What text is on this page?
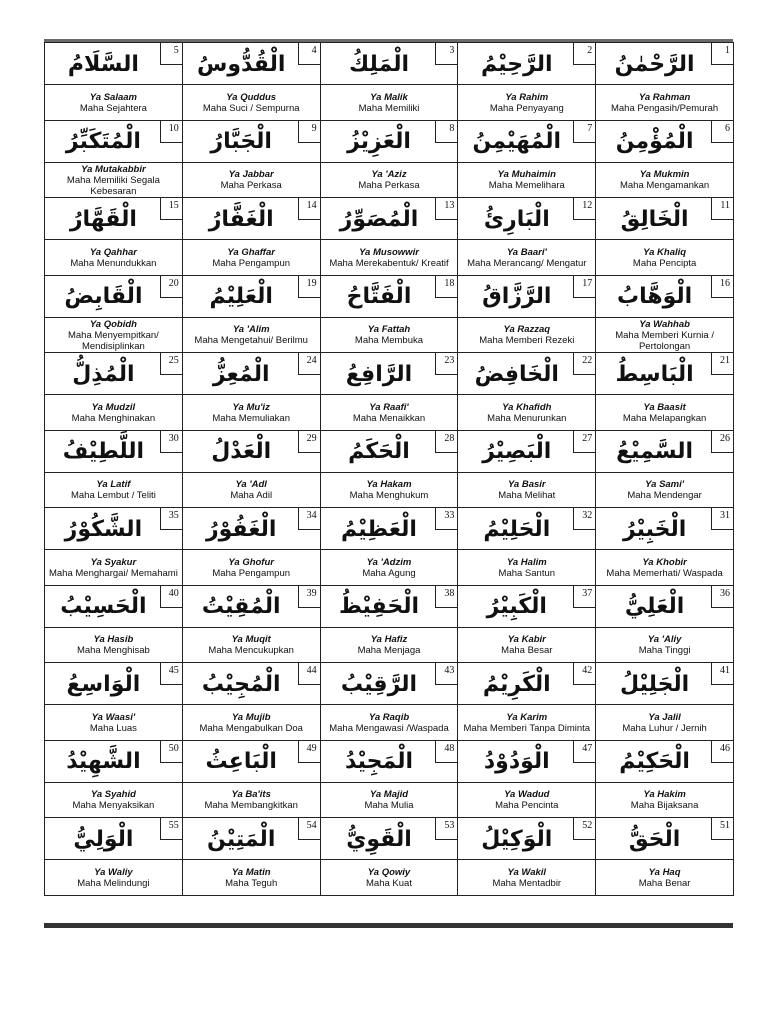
السَّلَامُ
5
Ya Salaam
Maha Sejahtera
الْقُدُّوسُ
4
Ya Quddus
Maha Suci / Sempurna
الْمَلِكُ
3
Ya Malik
Maha Memiliki
الرَّحِيْمُ
2
Ya Rahim
Maha Penyayang
الرَّحْمٰنُ
1
Ya Rahman
Maha Pengasih/Pemurah
الْمُتَكَبِّرُ
10
Ya Mutakabbir
Maha Memiliki Segala Kebesaran
الْجَبَّارُ
9
Ya Jabbar
Maha Perkasa
الْعَزِيْزُ
8
Ya 'Aziz
Maha Perkasa
الْمُهَيْمِنُ
7
Ya Muhaimin
Maha Memelihara
الْمُؤْمِنُ
6
Ya Mukmin
Maha Mengamankan
الْقَهَّارُ
15
Ya Qahhar
Maha Menundukkan
الْغَفَّارُ
14
Ya Ghaffar
Maha Pengampun
الْمُصَوِّرُ
13
Ya Musowwir
Maha Merekabentuk/ Kreatif
الْبَارِئُ
12
Ya Baari'
Maha Merancang/ Mengatur
الْخَالِقُ
11
Ya Khaliq
Maha Pencipta
الْقَابِضُ
20
Ya Qobidh
Maha Menyempitkan/ Mendisiplinkan
الْعَلِيْمُ
19
Ya 'Alim
Maha Mengetahui/ Berilmu
الْفَتَّاحُ
18
Ya Fattah
Maha Membuka
الرَّزَّاقُ
17
Ya Razzaq
Maha Memberi Rezeki
الْوَهَّابُ
16
Ya Wahhab
Maha Memberi Kurnia / Pertolongan
الْمُذِلُّ
25
Ya Mudzil
Maha Menghinakan
الْمُعِزُّ
24
Ya Mu'iz
Maha Memuliakan
الرَّافِعُ
23
Ya Raafi'
Maha Menaikkan
الْخَافِضُ
22
Ya Khafidh
Maha Menurunkan
الْبَاسِطُ
21
Ya Baasit
Maha Melapangkan
اللَّطِيْفُ
30
Ya Latif
Maha Lembut / Teliti
الْعَدْلُ
29
Ya 'Adl
Maha Adil
الْحَكَمُ
28
Ya Hakam
Maha Menghukum
الْبَصِيْرُ
27
Ya Basir
Maha Melihat
السَّمِيْعُ
26
Ya Sami'
Maha Mendengar
الشَّكُوْرُ
35
Ya Syakur
Maha Menghargai/ Memahami
الْغَفُوْرُ
34
Ya Ghofur
Maha Pengampun
الْعَظِيْمُ
33
Ya 'Adzim
Maha Agung
الْحَلِيْمُ
32
Ya Halim
Maha Santun
الْخَبِيْرُ
31
Ya Khobir
Maha Memerhati/ Waspada
الْحَسِيْبُ
40
Ya Hasib
Maha Menghisab
الْمُقِيْتُ
39
Ya Muqit
Maha Mencukupkan
الْحَفِيْظُ
38
Ya Hafiz
Maha Menjaga
الْكَبِيْرُ
37
Ya Kabir
Maha Besar
الْعَلِيُّ
36
Ya 'Aliy
Maha Tinggi
الْوَاسِعُ
45
Ya Waasi'
Maha Luas
الْمُجِيْبُ
44
Ya Mujib
Maha Mengabulkan Doa
الرَّقِيْبُ
43
Ya Raqib
Maha Mengawasi /Waspada
الْكَرِيْمُ
42
Ya Karim
Maha Memberi Tanpa Diminta
الْجَلِيْلُ
41
Ya Jalil
Maha Luhur / Jernih
الشَّهِيْدُ
50
Ya Syahid
Maha Menyaksikan
الْبَاعِثُ
49
Ya Ba'its
Maha Membangkitkan
الْمَجِيْدُ
48
Ya Majid
Maha Mulia
الْوَدُوْدُ
47
Ya Wadud
Maha Pencinta
الْحَكِيْمُ
46
Ya Hakim
Maha Bijaksana
الْوَلِيُّ
55
Ya Waliy
Maha Melindungi
الْمَتِيْنُ
54
Ya Matin
Maha Teguh
الْقَوِيُّ
53
Ya Qowiy
Maha Kuat
الْوَكِيْلُ
52
Ya Wakil
Maha Mentadbir
الْحَقُّ
51
Ya Haq
Maha Benar
